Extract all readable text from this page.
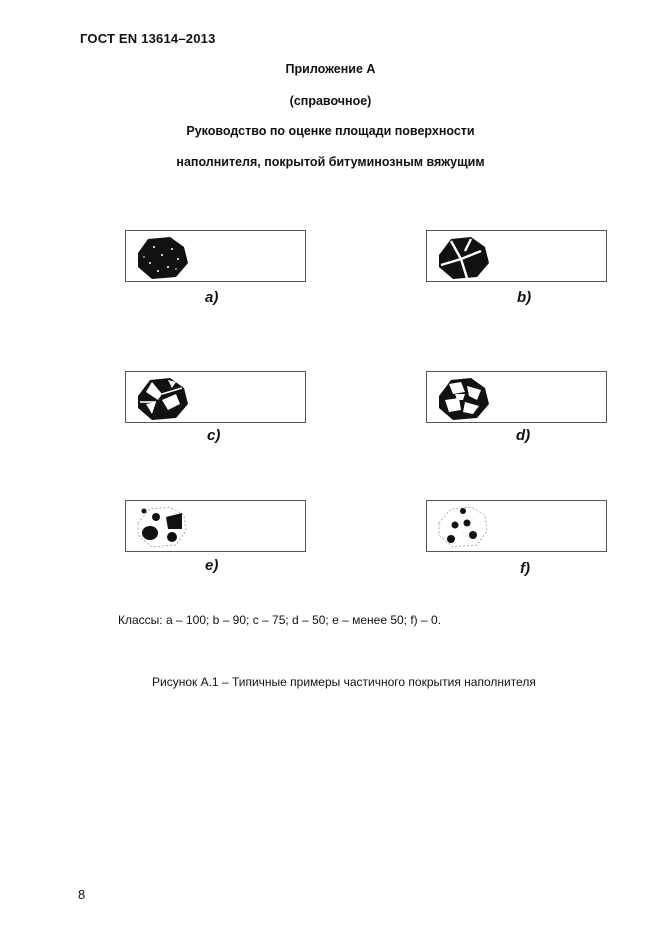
ГОСТ EN 13614–2013
Приложение А
(справочное)
Руководство по оценке площади поверхности
наполнителя, покрытой битуминозным вяжущим
a)	b)
c)	d)
e)	f)
Классы: a – 100; b – 90; c – 75; d – 50; e – менее 50; f) – 0.
Рисунок А.1 – Типичные примеры частичного покрытия наполнителя
8
